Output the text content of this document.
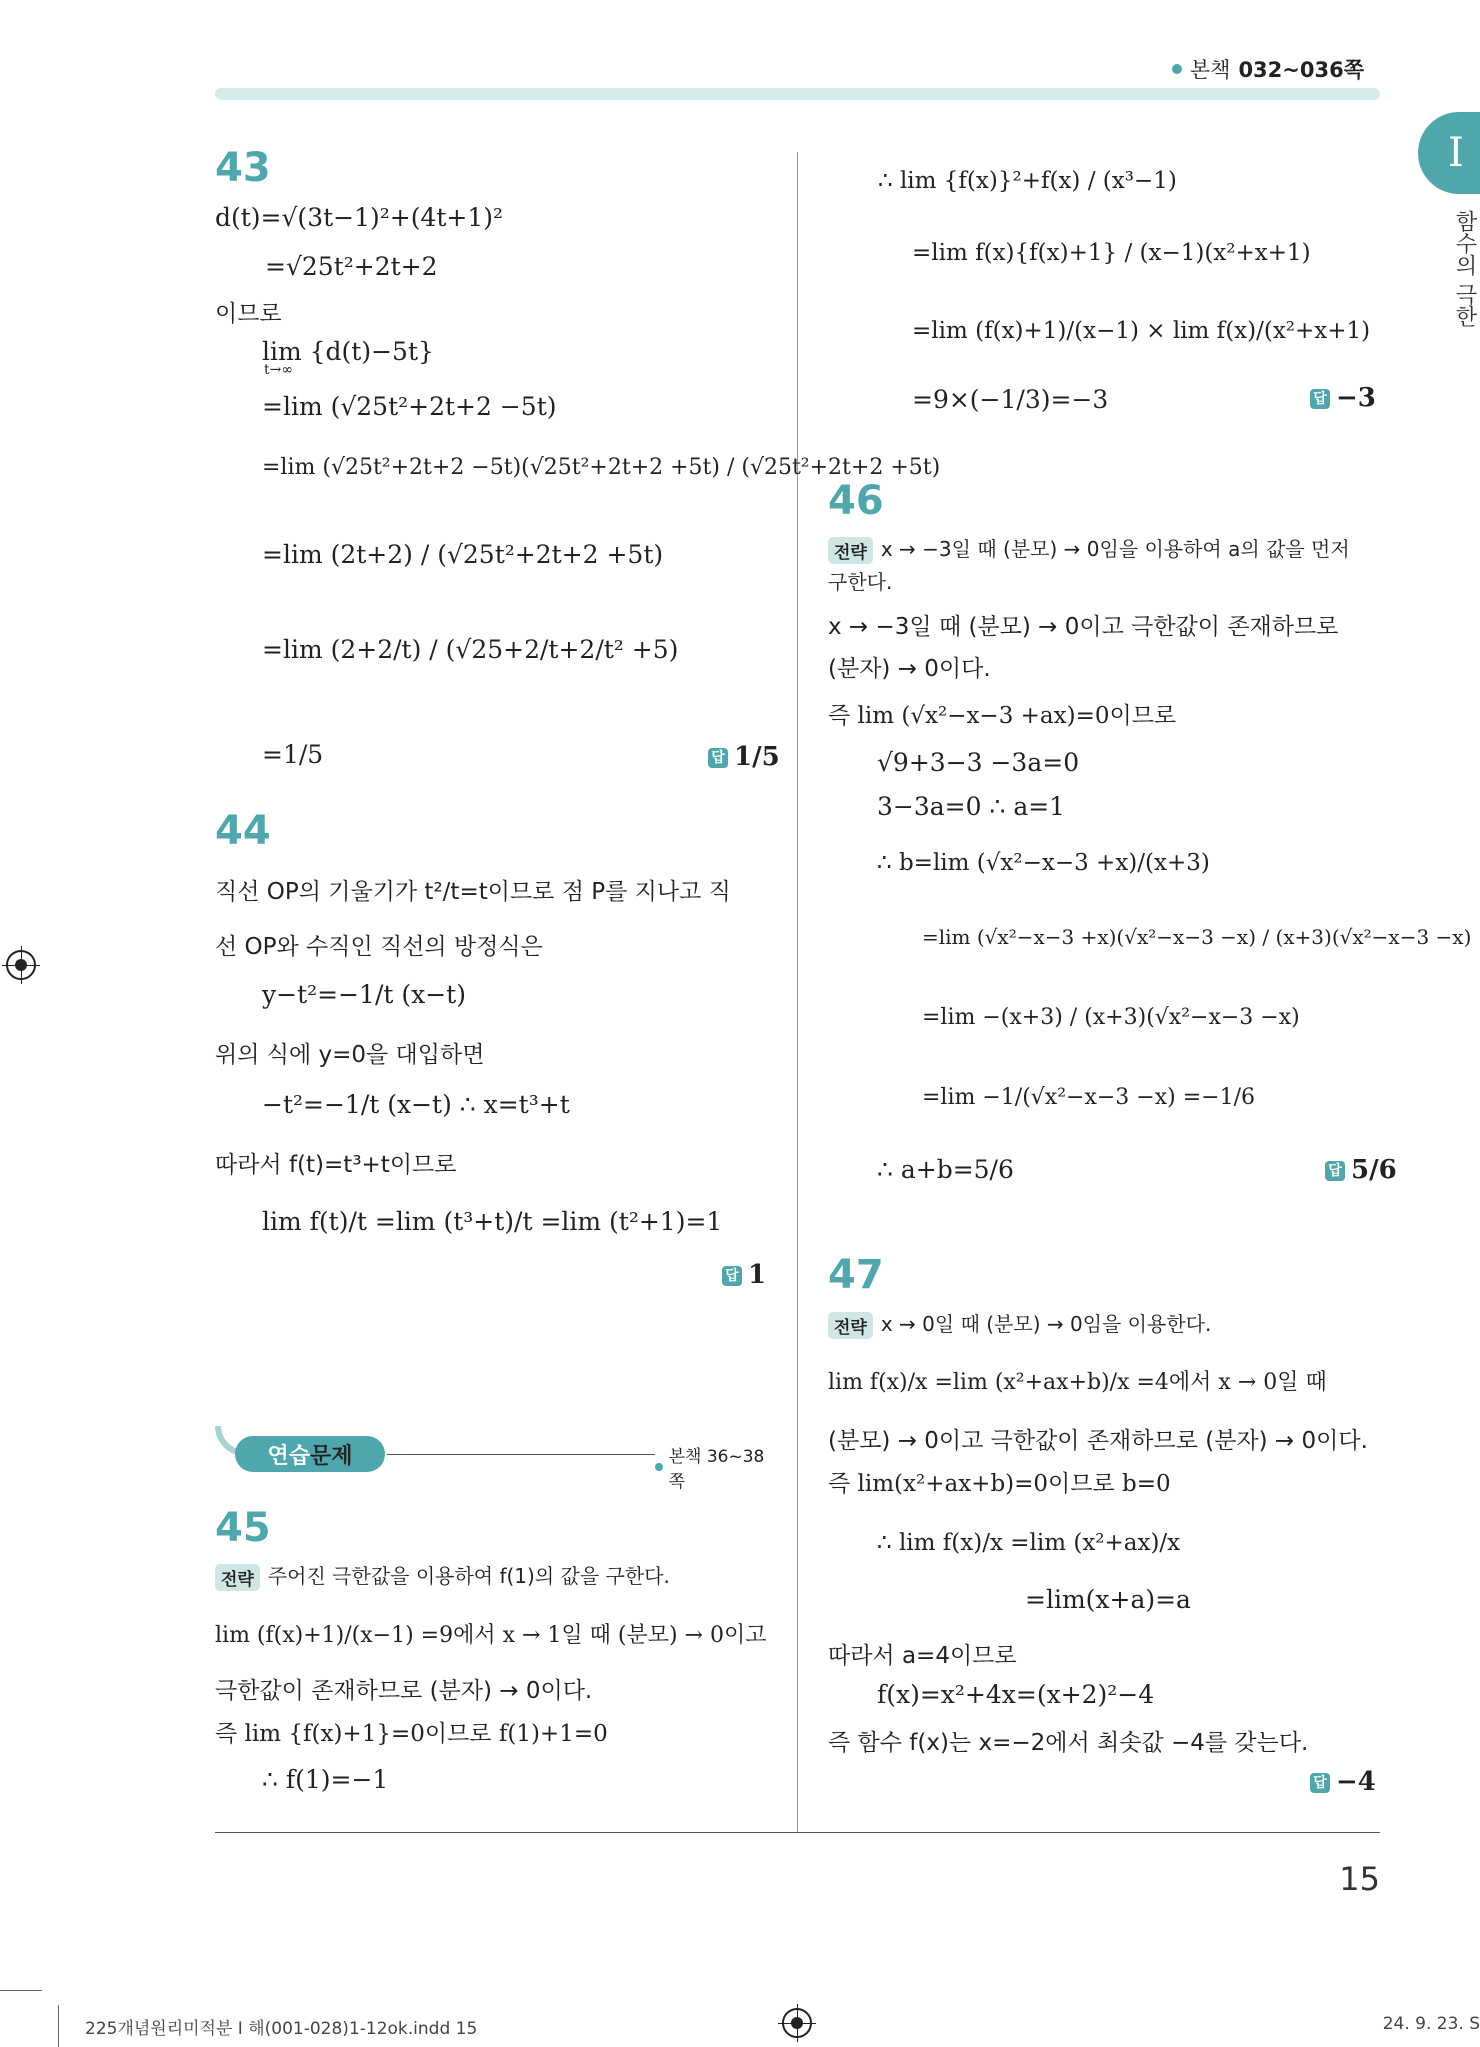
본책 032~036쪽
I
함수의 극한
15
225개념원리미적분 I 해(001-028)1-12ok.indd 15	24. 9. 23. S
43
d(t)=√(3t−1)²+(4t+1)²
=√25t²+2t+2
이므로
lim {d(t)−5t}
t→∞
=lim (√25t²+2t+2 −5t)
=lim (√25t²+2t+2 −5t)(√25t²+2t+2 +5t) / (√25t²+2t+2 +5t)
=lim (2t+2) / (√25t²+2t+2 +5t)
=lim (2+2/t) / (√25+2/t+2/t² +5)
=1/5	답 1/5
44
직선 OP의 기울기가 t²/t=t이므로 점 P를 지나고 직
선 OP와 수직인 직선의 방정식은
y−t²=−1/t (x−t)
위의 식에 y=0을 대입하면
−t²=−1/t (x−t) ∴ x=t³+t
따라서 f(t)=t³+t이므로
lim f(t)/t =lim (t³+t)/t =lim (t²+1)=1
답 1
연습 문제	본책 36~38쪽
45
전략 주어진 극한값을 이용하여 f(1)의 값을 구한다.
lim (f(x)+1)/(x−1) =9에서 x → 1일 때 (분모) → 0이고
극한값이 존재하므로 (분자) → 0이다.
즉 lim {f(x)+1}=0이므로 f(1)+1=0
∴ f(1)=−1
∴ lim {f(x)}²+f(x) / (x³−1)
=lim f(x){f(x)+1} / (x−1)(x²+x+1)
=lim (f(x)+1)/(x−1) × lim f(x)/(x²+x+1)
=9×(−1/3)=−3	답 −3
46
전략 x → −3일 때 (분모) → 0임을 이용하여 a의 값을 먼저
구한다.
x → −3일 때 (분모) → 0이고 극한값이 존재하므로
(분자) → 0이다.
즉 lim (√x²−x−3 +ax)=0이므로
√9+3−3 −3a=0
3−3a=0 ∴ a=1
∴ b=lim (√x²−x−3 +x)/(x+3)
=lim (√x²−x−3 +x)(√x²−x−3 −x) / (x+3)(√x²−x−3 −x)
=lim −(x+3) / (x+3)(√x²−x−3 −x)
=lim −1/(√x²−x−3 −x) =−1/6
∴ a+b=5/6	답 5/6
47
전략 x → 0일 때 (분모) → 0임을 이용한다.
lim f(x)/x =lim (x²+ax+b)/x =4에서 x → 0일 때
(분모) → 0이고 극한값이 존재하므로 (분자) → 0이다.
즉 lim(x²+ax+b)=0이므로 b=0
∴ lim f(x)/x =lim (x²+ax)/x
=lim(x+a)=a
따라서 a=4이므로
f(x)=x²+4x=(x+2)²−4
즉 함수 f(x)는 x=−2에서 최솟값 −4를 갖는다.
답 −4
